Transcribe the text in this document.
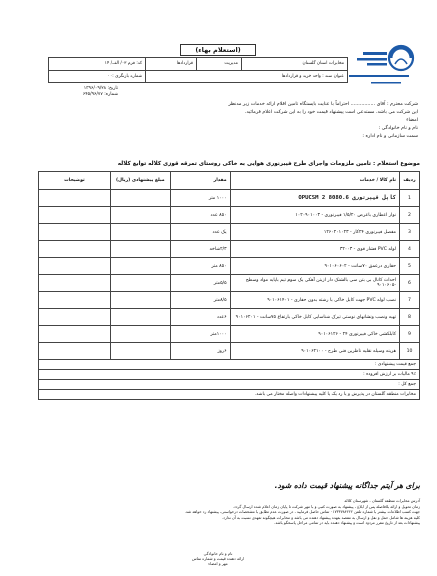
(استعلام بهاء)
مخابرات استان گلستان	مدیریت	قراردادها	کد: فرم ۰۳/ الف/ ۱۴
عنوان سند : واحد خرید و قراردادها			شماره بازنگری :۰۰
تاریخ: ۱۳۹۶/۰۹/۲۸
شماره: ۶۴۵/۹۶/۷۷
شرکت محترم : آقای ................ احتراماً با عنایت بایستگاه تامین اقلام ارائه خدمات زیر مدنظر
این شرکت می باشد. مستدعی است پیشنهاد قیمت خود را به این شرکت اعلام فرمائید.
امضاء
نام و نام خانوادگی :
سمت سازمانی و نام اداره :
موضوع استعلام : تامین ملزومات واجرای طرح فیبرنوری هوایی به خاکی روستای تمرقه قوزی کلاله توابع کلاله
ردیف	نام کالا / خدمات	مقدار	مبلغ پیشنهادی (ریال)	توضیحات
1	کابل فیبرنوری OPUCSM 2 8080.6	۱۰۰۰ متر		
2	نوار اعطاری باعرض ۱/۵/۲۰ فیبرنوری - ۱۰۲۰۹۰۱۰۰۳	۸۵۰ عدد		
3	مفصل فیبرنوری ۲۴کار - ۱۲۶۰۲۰۱۰۲۳	یک عدد		
4	لوله PVC فشار قوی - ۳۲۰۰۳	۲/۳شاخه		
5	حفاری درعمق ۷۰سانت - ۹۰۱۰۶۰۶۰۲	۸۵۰ متر		
6	احداث کانال بی بتن سی بالشتک دار ازبتن آهکی یک سوم تیم باپایه مواد وسطح -۹۰۱۰۶۰۵	۵/۵متر		
7	نصب لوله PVC جهت کابل خاکی با رشته بدون حفاری - ۹۰۱۰۶۱۴۰۱	۸/۵متر		
8	تهیه ونصب ونشانهای نوستی تیرک شناسایی کابل خاکی بارتفاع ۷۵سانت - ۹۰۱۰۶۲۰۱	۶عدد		
9	کابلکشی خاکی فیبرنوری ۲۴ - ۹۰۱۰۶۱۲۶	۱۰۰۰متر		
10	هزینه وسیله نقلیه ناظرین فنی طرح - ۹۰۱۰۶۲۱۰۰	۶روز		
جمع قیمت پیشنهادی :				
۹٪ مالیات بر ارزش افزوده :				
جمع کل :				
مخابرات منطقه گلستان در پذیرش و یا رد یک یا کلیه پیشنهادات واصله مختار می باشد.				
برای هر آیتم جداگانه پیشنهاد قیمت داده شود.
آدرس مخابرات منطقه گلستان - شهرستان کلاله
زمان تحویل و ارائه بلافاصله پس از ابلاغ ، پیشنهاد به صورت کتبی و با مهر شرکت تا پایان زمان اعلام شده ارسال گردد.
جهت کسب اطلاعات بیشتر با شماره تلفن ۰۱۷۳۳۷۸۴۲۲۲ تماس حاصل فرمایید ، در صورت عدم تطابق با مشخصات درخواستی، پیشنهاد رد خواهد شد.
کلیه هزینه ها شامل حمل و نقل و ارسال به مقصد بعهده پیشنهاد دهنده می باشد و مخابرات هیچگونه تعهدی نسبت به آن ندارد.
پیشنهادات بعد از تاریخ مقرر مردود است و پیشنهاد دهنده باید در تمامی مراحل پاسخگو باشد.
نام و نام خانوادگی
ارائه دهنده قیمت و شماره تماس
مهر و امضاء
